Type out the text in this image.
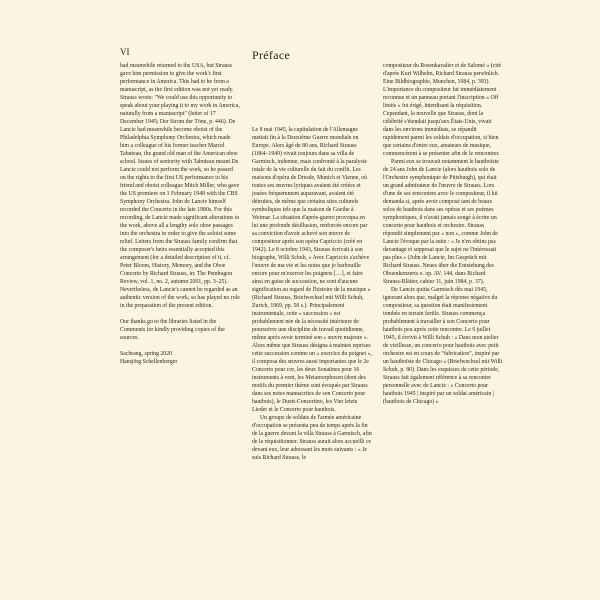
VI	Préface

had meanwhile returned to the USA, but Strauss gave him permission to give the work's first performance in America. This had to be from a manuscript, as the first edition was not yet ready. Strauss wrote: "We could use this opportunity to speak about your playing it to my work in America, naturally from a manuscript" (letter of 17 December 1945; Der Strom der Töne, p. 446). De Lancie had meanwhile become oboist of the Philadelphia Symphony Orchestra, which made him a colleague of his former teacher Marcel Tabuteau, the grand old man of the American oboe school. Issues of seniority with Tabuteau meant De Lancie could not perform the work, so he passed on the rights to the first US performance to his friend and oboist colleague Mitch Miller, who gave the US premiere on 1 February 1948 with the CBS Symphony Orchestra. John de Lancie himself recorded the Concerto in the late 1980s. For this recording, de Lancie made significant alterations to the work, above all a lengthy solo oboe passages into the orchestra in order to give the soloist some relief. Letters from the Strauss family confirm that the composer's heirs essentially accepted this arrangement (for a detailed description of it, cf. Peter Bloom, History, Memory, and the Oboe Concerto by Richard Strauss, in: The Pendragon Review, vol. 1, no. 2, autumn 2001, pp. 3–25). Nevertheless, de Lancie's cannot be regarded as an authentic version of the work, so has played no role in the preparation of the present edition.

Our thanks go to the libraries listed in the Comments for kindly providing copies of the sources.

Sachrang, spring 2020

Hansjörg Schellenberger

Le 8 mai 1945, la capitulation de l'Allemagne mettait fin à la Deuxième Guerre mondiale en Europe. Alors âgé de 80 ans, Richard Strauss (1864–1949) vivait toujours dans sa villa de Garmisch, indemne, mais confronté à la paralysie totale de la vie culturelle du fait du conflit. Les maisons d'opéra de Dresde, Munich et Vienne, où toutes ses œuvres lyriques avaient été créées et jouées fréquemment auparavant, avaient été détruites, de même que certains sites culturels symboliques tels que la maison de Goethe à Weimar. La situation d'après-guerre provoqua en lui une profonde désillusion, renforcée encore par sa conviction d'avoir achevé son œuvre de compositeur après son opéra Capriccio (créé en 1942). Le 8 octobre 1943, Strauss écrivait à son biographe, Willi Schuh, « Avec Capriccio s'achève l'œuvre de ma vie et les notes que je barbouille encore pour m'exercer les poignets […], et faire ainsi en guise de succession, ne sont d'aucune signification au regard de l'histoire de la musique » (Richard Strauss, Briefwechsel mit Willi Schuh, Zurich, 1969, pp. 50 s.). Principalement instrumentale, cette « succession » est probablement née de la nécessité intérieure de poursuivre une discipline de travail quotidienne, même après avoir terminé son « œuvre majeure ». Alors même que Strauss désigna à maintes reprises cette succession comme un « exercice du poignet », il composa des œuvres aussi importantes que le 2e Concerto pour cor, les deux Sonatines pour 16 instruments à vent, les Metamorphosen (dont des motifs du premier thème sont évoqués par Strauss dans ses notes manuscrites de son Concerto pour hautbois), le Duett-Concertino, les Vier letzte Lieder et le Concerto pour hautbois.

Un groupe de soldats de l'armée américaine d'occupation se présenta peu de temps après la fin de la guerre devant la villa Strauss à Garmisch, afin de la réquisitionner. Strauss aurait alors accueilli ce devant eux, leur adressant les mots suivants : « Je suis Richard Strauss, le

compositeur du Rosenkavalier et de Salomé » (cité d'après Kurt Wilhelm, Richard Strauss persönlich. Eine Bildbiographie, Munchen, 1984, p. 393). L'importance du compositeur fut immédiatement reconnue et un panneau portant l'inscription « Off limits » fut érigé, interdisant la réquisition. Cependant, la nouvelle que Strauss, dont la célébrité s'étendait jusqu'aux États-Unis, vivait dans les environs immédiats, se répandit rapidement parmi les soldats d'occupation, si bien que certains d'entre eux, amateurs de musique, commencèrent à se présenter afin de le rencontrer.

Parmi eux se trouvait notamment le hautboïste de 24 ans John de Lancie (alors hautbois solo de l'Orchestre symphonique de Pittsburgh), qui était un grand admirateur de l'œuvre de Strauss. Lors d'une de ses rencontres avec le compositeur, il lui demanda si, après avoir composé tant de beaux solos de hautbois dans ses opéras et ses poèmes symphoniques, il n'avait jamais songé à écrire un concerto pour hautbois et orchestre. Strauss répondit simplement par « non », comme John de Lancie l'évoque par la suite : « Je n'en obtins pas davantage et supposai que le sujet ne l'intéressait pas plus » (John de Lancie, Im Gespräch mit Richard Strauss. Neues über die Entstehung des Oboenkonzerts o. op. AV. 144, dans Richard Strauss-Blätter, cahier 11, juin 1984, p. 37).

De Lancie quitta Garmisch dès mai 1945, ignorant alors que, malgré la réponse négative du compositeur, sa question était manifestement tombée en terrain fertile. Strauss commença probablement à travailler à son Concerto pour hautbois peu après cette rencontre. Le 6 juillet 1945, il écrivit à Willi Schuh : « Dans mon atelier de vieillesse, un concerto pour hautbois avec petit orchestre est en cours de “fabrication”, inspiré par un hautboïste de Chicago » (Briefwechsel mit Willi Schuh, p. 80). Dans les esquisses de cette période, Strauss fait également référence à sa rencontre personnelle avec de Lancie : « Concerto pour hautbois 1945 | inspiré par un soldat américain | (hautbois de Chicago) »
